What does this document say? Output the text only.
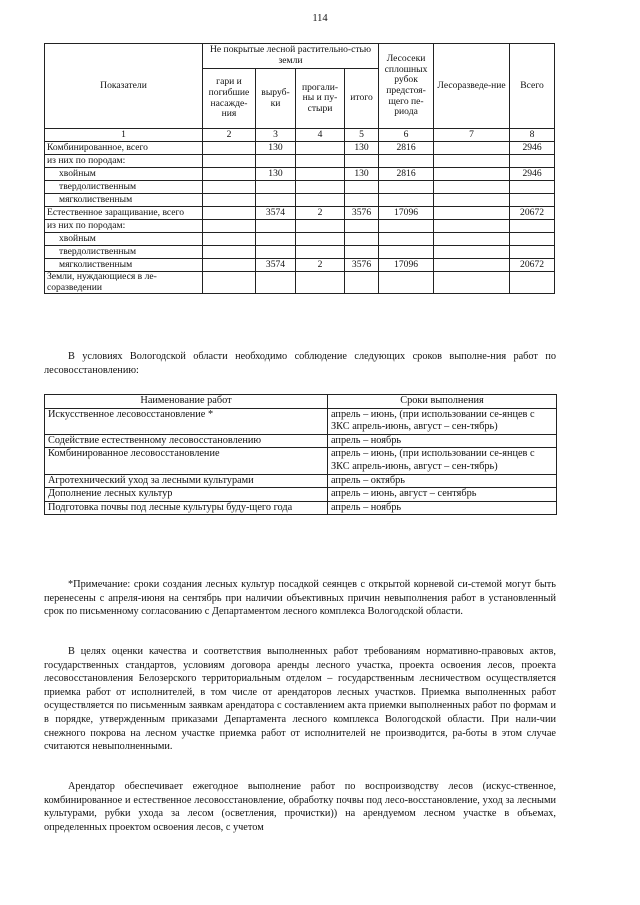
114
Показатели	Не покрытые лесной растительно-стью земли				Лесосеки сплошных рубок предстоя-щего пе-риода	Лесоразведе-ние	Всего
	гари и погибшие насажде-ния	выруб-ки	прогали-ны и пу-стыри	итого			
1	2	3	4	5	6	7	8
Комбинированное, всего		130		130	2816		2946
из них по породам:							
хвойным		130		130	2816		2946
твердолиственным							
мягколиственным							
Естественное заращивание, всего		3574	2	3576	17096		20672
из них по породам:							
хвойным							
твердолиственным							
мягколиственным		3574	2	3576	17096		20672
Земли, нуждающиеся в ле-соразведении							

В условиях Вологодской области необходимо соблюдение следующих сроков выполне-ния работ по лесовосстановлению:

Наименование работ	Сроки выполнения
Искусственное лесовосстановление *	апрель – июнь, (при использовании се-янцев с ЗКС апрель-июнь, август – сен-тябрь)
Содействие естественному лесовосстановлению	апрель – ноябрь
Комбинированное лесовосстановление	апрель – июнь, (при использовании се-янцев с ЗКС апрель-июнь, август – сен-тябрь)
Агротехнический уход за лесными культурами	апрель – октябрь
Дополнение лесных культур	апрель – июнь, август – сентябрь
Подготовка почвы под лесные культуры буду-щего года	апрель – ноябрь

*Примечание: сроки создания лесных культур посадкой сеянцев с открытой корневой си-стемой могут быть перенесены с апреля-июня на сентябрь при наличии объективных причин невыполнения работ в установленный срок по письменному согласованию с Департаментом лесного комплекса Вологодской области.

В целях оценки качества и соответствия выполненных работ требованиям нормативно-правовых актов, государственных стандартов, условиям договора аренды лесного участка, проекта освоения лесов, проекта лесовосстановления Белозерского территориальным отделом – государственным лесничеством осуществляется приемка работ от исполнителей, в том числе от арендаторов лесных участков. Приемка выполненных работ осуществляется по письменным заявкам арендатора с составлением акта приемки выполненных работ по формам и в порядке, утвержденным приказами Департамента лесного комплекса Вологодской области. При нали-чии снежного покрова на лесном участке приемка работ от исполнителей не производится, ра-боты в этом случае считаются невыполненными.

Арендатор обеспечивает ежегодное выполнение работ по воспроизводству лесов (искус-ственное, комбинированное и естественное лесовосстановление, обработку почвы под лесо-восстановление, уход за лесными культурами, рубки ухода за лесом (осветления, прочистки)) на арендуемом лесном участке в объемах, определенных проектом освоения лесов, с учетом
